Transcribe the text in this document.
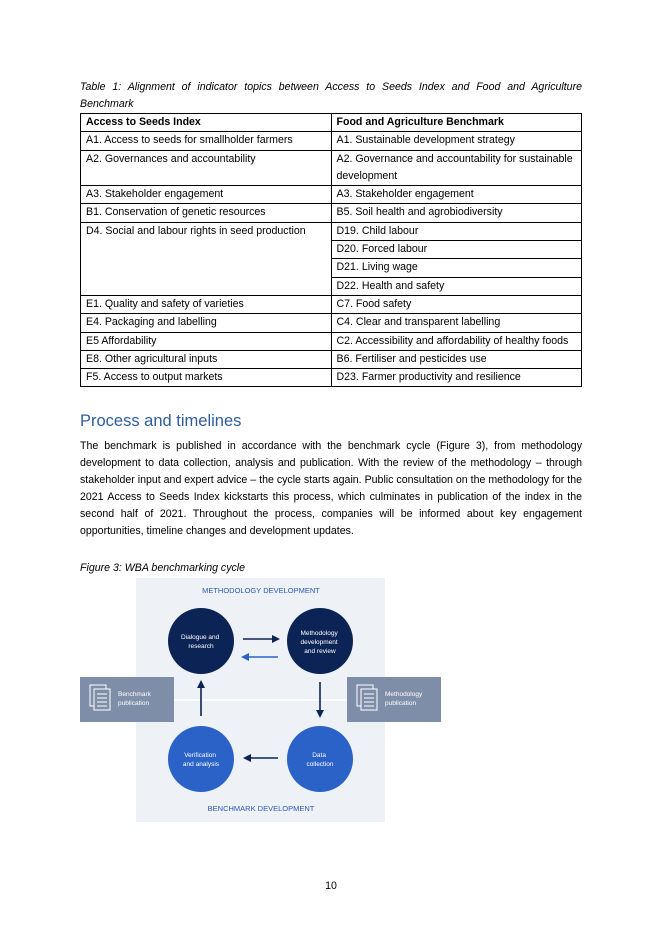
Table 1: Alignment of indicator topics between Access to Seeds Index and Food and Agriculture Benchmark
Access to Seeds Index	Food and Agriculture Benchmark
A1. Access to seeds for smallholder farmers	A1. Sustainable development strategy
A2. Governances and accountability	A2. Governance and accountability for sustainable development
A3. Stakeholder engagement	A3. Stakeholder engagement
B1. Conservation of genetic resources	B5. Soil health and agrobiodiversity
D4. Social and labour rights in seed production	D19. Child labour
	D20. Forced labour
	D21. Living wage
	D22. Health and safety
E1. Quality and safety of varieties	C7. Food safety
E4. Packaging and labelling	C4. Clear and transparent labelling
E5 Affordability	C2. Accessibility and affordability of healthy foods
E8. Other agricultural inputs	B6. Fertiliser and pesticides use
F5. Access to output markets	D23. Farmer productivity and resilience
Process and timelines

The benchmark is published in accordance with the benchmark cycle (Figure 3), from methodology development to data collection, analysis and publication. With the review of the methodology – through stakeholder input and expert advice – the cycle starts again. Public consultation on the methodology for the 2021 Access to Seeds Index kickstarts this process, which culminates in publication of the index in the second half of 2021. Throughout the process, companies will be informed about key engagement opportunities, timeline changes and development updates.

Figure 3: WBA benchmarking cycle
METHODOLOGY DEVELOPMENT
BENCHMARK DEVELOPMENT
Benchmark publication
Methodology publication
Dialogue and research
Methodology development and review
Data collection
Verification and analysis
10
